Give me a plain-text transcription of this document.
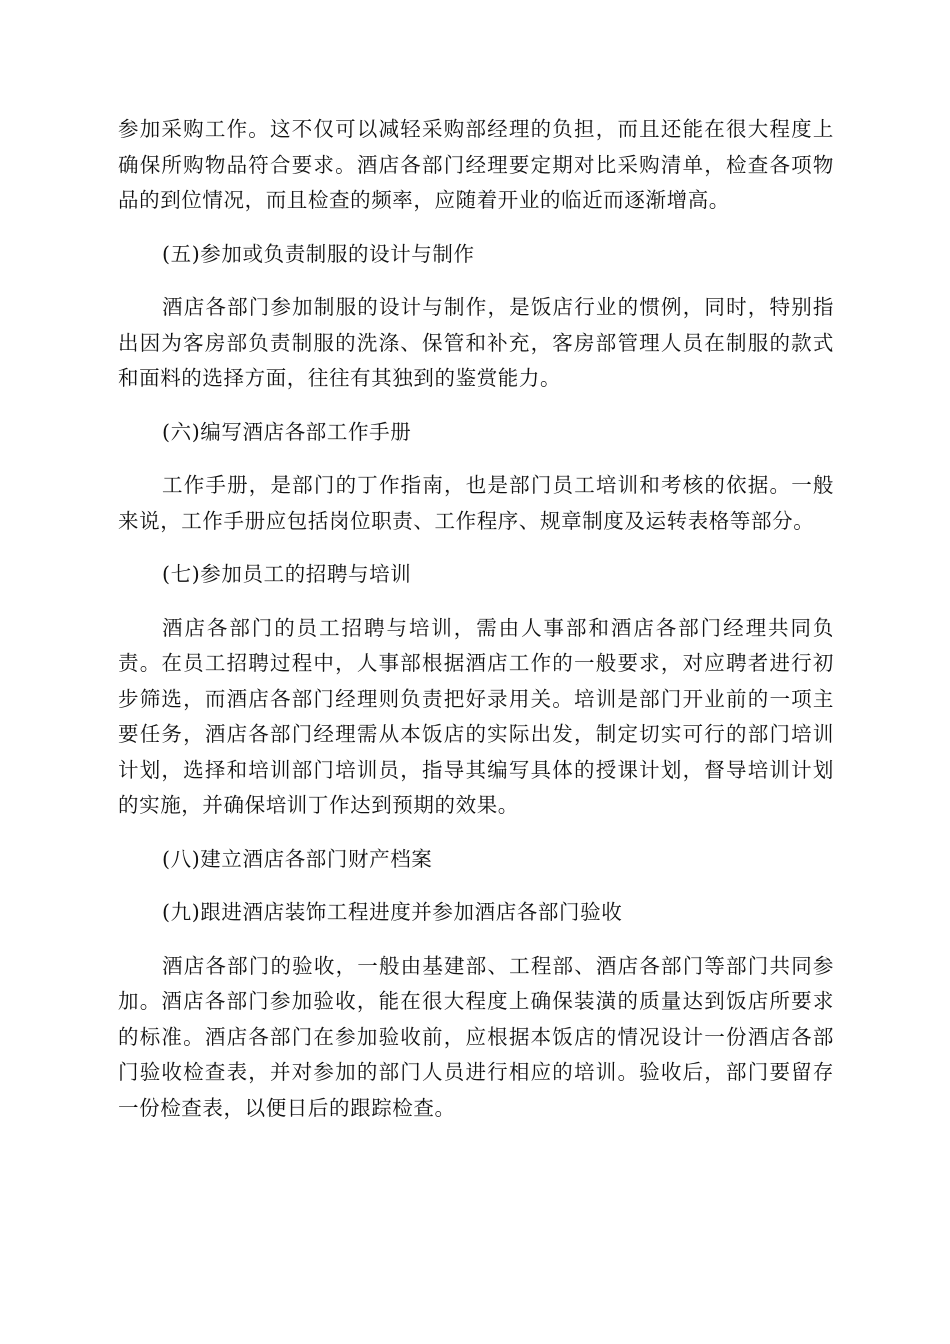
参加采购工作。这不仅可以减轻采购部经理的负担，而且还能在很大程度上确保所购物品符合要求。酒店各部门经理要定期对比采购清单，检查各项物品的到位情况，而且检查的频率，应随着开业的临近而逐渐增高。

(五)参加或负责制服的设计与制作

酒店各部门参加制服的设计与制作，是饭店行业的惯例，同时，特别指出因为客房部负责制服的洗涤、保管和补充，客房部管理人员在制服的款式和面料的选择方面，往往有其独到的鉴赏能力。

(六)编写酒店各部工作手册

工作手册，是部门的丁作指南，也是部门员工培训和考核的依据。一般来说，工作手册应包括岗位职责、工作程序、规章制度及运转表格等部分。

(七)参加员工的招聘与培训

酒店各部门的员工招聘与培训，需由人事部和酒店各部门经理共同负责。在员工招聘过程中，人事部根据酒店工作的一般要求，对应聘者进行初步筛选，而酒店各部门经理则负责把好录用关。培训是部门开业前的一项主要任务，酒店各部门经理需从本饭店的实际出发，制定切实可行的部门培训计划，选择和培训部门培训员，指导其编写具体的授课计划，督导培训计划的实施，并确保培训丁作达到预期的效果。

(八)建立酒店各部门财产档案

(九)跟进酒店装饰工程进度并参加酒店各部门验收

酒店各部门的验收，一般由基建部、工程部、酒店各部门等部门共同参加。酒店各部门参加验收，能在很大程度上确保装潢的质量达到饭店所要求的标准。酒店各部门在参加验收前，应根据本饭店的情况设计一份酒店各部门验收检查表，并对参加的部门人员进行相应的培训。验收后，部门要留存一份检查表，以便日后的跟踪检查。
